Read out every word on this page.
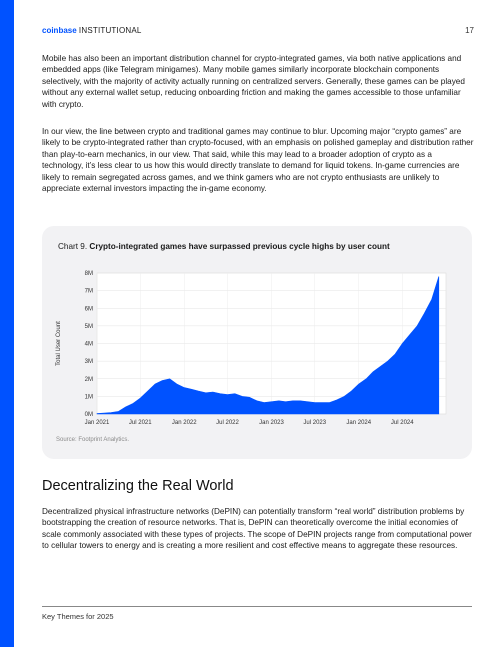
coinbase INSTITUTIONAL	17

Mobile has also been an important distribution channel for crypto-integrated games, via both native applications and embedded apps (like Telegram minigames). Many mobile games similarly incorporate blockchain components selectively, with the majority of activity actually running on centralized servers. Generally, these games can be played without any external wallet setup, reducing onboarding friction and making the games accessible to those unfamiliar with crypto.

In our view, the line between crypto and traditional games may continue to blur. Upcoming major “crypto games” are likely to be crypto-integrated rather than crypto-focused, with an emphasis on polished gameplay and distribution rather than play-to-earn mechanics, in our view. That said, while this may lead to a broader adoption of crypto as a technology, it’s less clear to us how this would directly translate to demand for liquid tokens. In-game currencies are likely to remain segregated across games, and we think gamers who are not crypto enthusiasts are unlikely to appreciate external investors impacting the in-game economy.

Chart 9. Crypto-integrated games have surpassed previous cycle highs by user count
0M
1M
2M
3M
4M
5M
6M
7M
8M
Jan 2021	Jul 2021	Jan 2022	Jul 2022	Jan 2023	Jul 2023	Jan 2024	Jul 2024
Total User Count
Source: Footprint Analytics.
Decentralizing the Real World

Decentralized physical infrastructure networks (DePIN) can potentially transform “real world” distribution problems by bootstrapping the creation of resource networks. That is, DePIN can theoretically overcome the initial economies of scale commonly associated with these types of projects. The scope of DePIN projects range from computational power to cellular towers to energy and is creating a more resilient and cost effective means to aggregate these resources.

Key Themes for 2025
